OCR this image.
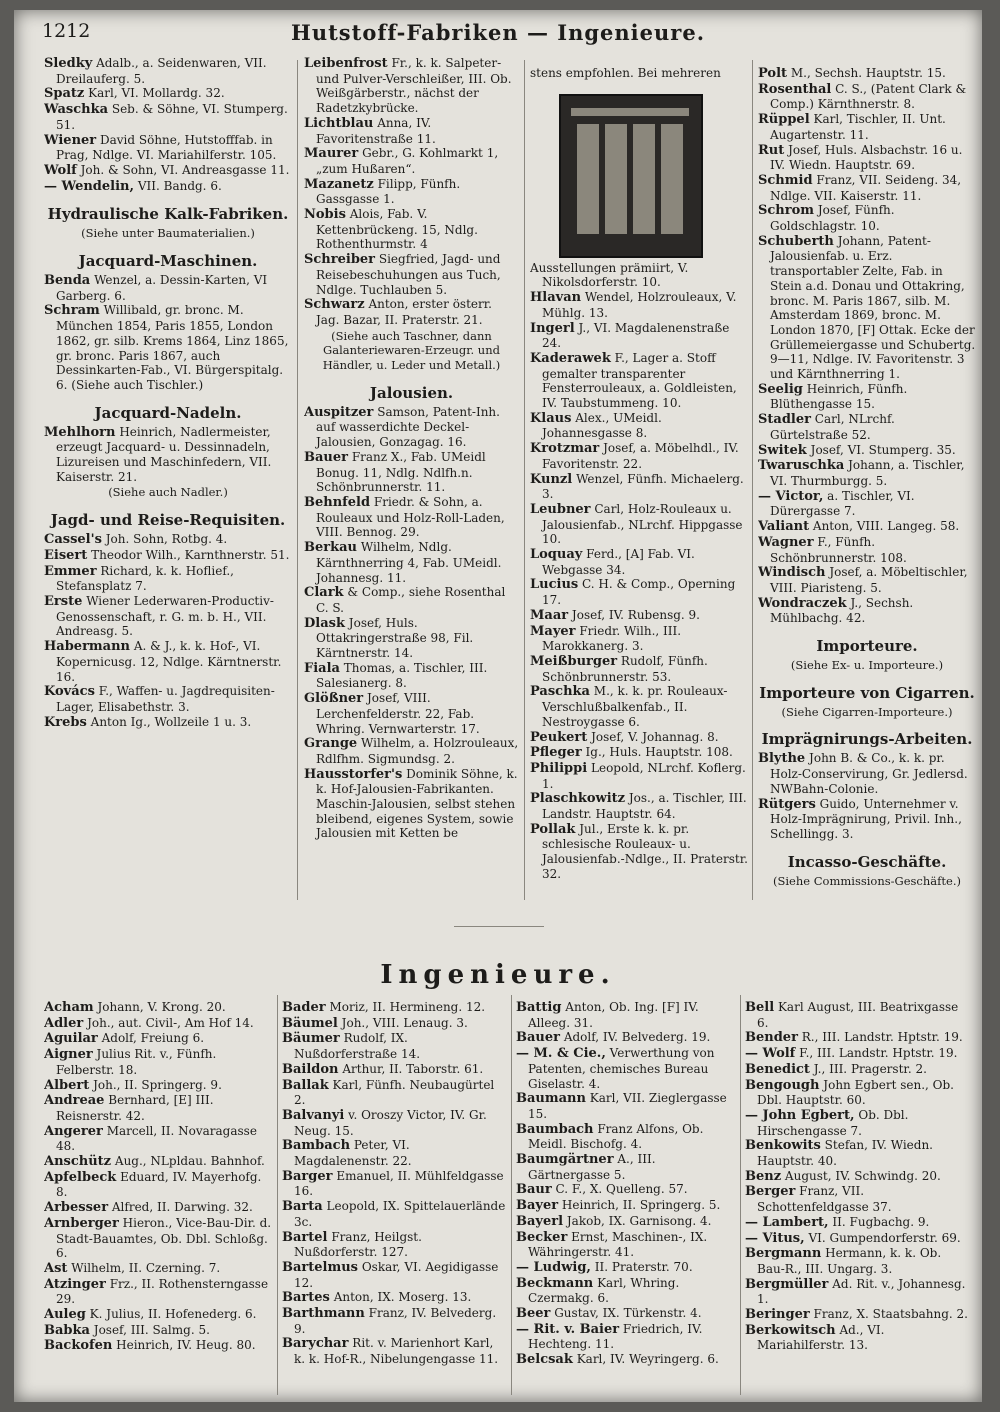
1212	Hutstoff-Fabriken — Ingenieure.
Sledky Adalb., a. Seidenwaren, VII. Dreilauferg. 5.
Spatz Karl, VI. Mollardg. 32.
Waschka Seb. & Söhne, VI. Stumperg. 51.
Wiener David Söhne, Hutstofffab. in Prag, Ndlge. VI. Mariahilferstr. 105.
Wolf Joh. & Sohn, VI. Andreasgasse 11.
— Wendelin, VII. Bandg. 6.
Hydraulische Kalk-Fabriken.
(Siehe unter Baumaterialien.)
Jacquard-Maschinen.
Benda Wenzel, a. Dessin-Karten, VI Garberg. 6.
Schram Willibald, gr. bronc. M. München 1854, Paris 1855, London 1862, gr. silb. Krems 1864, Linz 1865, gr. bronc. Paris 1867, auch Dessinkarten-Fab., VI. Bürgerspitalg. 6. (Siehe auch Tischler.)
Jacquard-Nadeln.
Mehlhorn Heinrich, Nadlermeister, erzeugt Jacquard- u. Dessinnadeln, Lizureisen und Maschinfedern, VII. Kaiserstr. 21.
(Siehe auch Nadler.)
Jagd- und Reise-Requisiten.
Cassel's Joh. Sohn, Rotbg. 4.
Eisert Theodor Wilh., Karnthnerstr. 51.
Emmer Richard, k. k. Hoflief., Stefansplatz 7.
Erste Wiener Lederwaren-Productiv-Genossenschaft, r. G. m. b. H., VII. Andreasg. 5.
Habermann A. & J., k. k. Hof-, VI. Kopernicusg. 12, Ndlge. Kärntnerstr. 16.
Kovács F., Waffen- u. Jagdrequisiten-Lager, Elisabethstr. 3.
Krebs Anton Ig., Wollzeile 1 u. 3.
Leibenfrost Fr., k. k. Salpeter- und Pulver-Verschleißer, III. Ob. Weißgärberstr., nächst der Radetzkybrücke.
Lichtblau Anna, IV. Favoritenstraße 11.
Maurer Gebr., G. Kohlmarkt 1, „zum Hußaren“.
Mazanetz Filipp, Fünfh. Gassgasse 1.
Nobis Alois, Fab. V. Kettenbrückeng. 15, Ndlg. Rothenthurmstr. 4
Schreiber Siegfried, Jagd- und Reisebeschuhungen aus Tuch, Ndlge. Tuchlauben 5.
Schwarz Anton, erster österr. Jag. Bazar, II. Praterstr. 21.
(Siehe auch Taschner, dann Galanteriewaren-Erzeugr. und Händler, u. Leder und Metall.)
Jalousien.
Auspitzer Samson, Patent-Inh. auf wasserdichte Deckel-Jalousien, Gonzagag. 16.
Bauer Franz X., Fab. UMeidl Bonug. 11, Ndlg. Ndlfh.n. Schönbrunnerstr. 11.
Behnfeld Friedr. & Sohn, a. Rouleaux und Holz-Roll-Laden, VIII. Bennog. 29.
Berkau Wilhelm, Ndlg. Kärnthnerring 4, Fab. UMeidl. Johannesg. 11.
Clark & Comp., siehe Rosenthal C. S.
Dlask Josef, Huls. Ottakringerstraße 98, Fil. Kärntnerstr. 14.
Fiala Thomas, a. Tischler, III. Salesianerg. 8.
Glößner Josef, VIII. Lerchenfelderstr. 22, Fab. Whring. Vernwarterstr. 17.
Grange Wilhelm, a. Holzrouleaux, Rdlfhm. Sigmundsg. 2.
Hausstorfer's Dominik Söhne, k. k. Hof-Jalousien-Fabrikanten. Maschin-Jalousien, selbst stehen bleibend, eigenes System, sowie Jalousien mit Ketten be
stens empfohlen. Bei mehreren
Ausstellungen prämiirt, V. Nikolsdorferstr. 10.
Hlavan Wendel, Holzrouleaux, V. Mühlg. 13.
Ingerl J., VI. Magdalenenstraße 24.
Kaderawek F., Lager a. Stoff gemalter transparenter Fensterrouleaux, a. Goldleisten, IV. Taubstummeng. 10.
Klaus Alex., UMeidl. Johannesgasse 8.
Krotzmar Josef, a. Möbelhdl., IV. Favoritenstr. 22.
Kunzl Wenzel, Fünfh. Michaelerg. 3.
Leubner Carl, Holz-Rouleaux u. Jalousienfab., NLrchf. Hippgasse 10.
Loquay Ferd., [A] Fab. VI. Webgasse 34.
Lucius C. H. & Comp., Operning 17.
Maar Josef, IV. Rubensg. 9.
Mayer Friedr. Wilh., III. Marokkanerg. 3.
Meißburger Rudolf, Fünfh. Schönbrunnerstr. 53.
Paschka M., k. k. pr. Rouleaux-Verschlußbalkenfab., II. Nestroygasse 6.
Peukert Josef, V. Johannag. 8.
Pfleger Ig., Huls. Hauptstr. 108.
Philippi Leopold, NLrchf. Koflerg. 1.
Plaschkowitz Jos., a. Tischler, III. Landstr. Hauptstr. 64.
Pollak Jul., Erste k. k. pr. schlesische Rouleaux- u. Jalousienfab.-Ndlge., II. Praterstr. 32.
Polt M., Sechsh. Hauptstr. 15.
Rosenthal C. S., (Patent Clark & Comp.) Kärnthnerstr. 8.
Rüppel Karl, Tischler, II. Unt. Augartenstr. 11.
Rut Josef, Huls. Alsbachstr. 16 u. IV. Wiedn. Hauptstr. 69.
Schmid Franz, VII. Seideng. 34, Ndlge. VII. Kaiserstr. 11.
Schrom Josef, Fünfh. Goldschlagstr. 10.
Schuberth Johann, Patent-Jalousienfab. u. Erz. transportabler Zelte, Fab. in Stein a.d. Donau und Ottakring, bronc. M. Paris 1867, silb. M. Amsterdam 1869, bronc. M. London 1870, [F] Ottak. Ecke der Grüllemeiergasse und Schubertg. 9—11, Ndlge. IV. Favoritenstr. 3 und Kärnthnerring 1.
Seelig Heinrich, Fünfh. Blüthengasse 15.
Stadler Carl, NLrchf. Gürtelstraße 52.
Switek Josef, VI. Stumperg. 35.
Twaruschka Johann, a. Tischler, VI. Thurmburgg. 5.
— Victor, a. Tischler, VI. Dürergasse 7.
Valiant Anton, VIII. Langeg. 58.
Wagner F., Fünfh. Schönbrunnerstr. 108.
Windisch Josef, a. Möbeltischler, VIII. Piaristeng. 5.
Wondraczek J., Sechsh. Mühlbachg. 42.
Importeure.
(Siehe Ex- u. Importeure.)
Importeure von Cigarren.
(Siehe Cigarren-Importeure.)
Imprägnirungs-Arbeiten.
Blythe John B. & Co., k. k. pr. Holz-Conservirung, Gr. Jedlersd. NWBahn-Colonie.
Rütgers Guido, Unternehmer v. Holz-Imprägnirung, Privil. Inh., Schellingg. 3.
Incasso-Geschäfte.
(Siehe Commissions-Geschäfte.)
Ingenieure.
Acham Johann, V. Krong. 20.
Adler Joh., aut. Civil-, Am Hof 14.
Aguilar Adolf, Freiung 6.
Aigner Julius Rit. v., Fünfh. Felberstr. 18.
Albert Joh., II. Springerg. 9.
Andreae Bernhard, [E] III. Reisnerstr. 42.
Angerer Marcell, II. Novaragasse 48.
Anschütz Aug., NLpldau. Bahnhof.
Apfelbeck Eduard, IV. Mayerhofg. 8.
Arbesser Alfred, II. Darwing. 32.
Arnberger Hieron., Vice-Bau-Dir. d. Stadt-Bauamtes, Ob. Dbl. Schloßg. 6.
Ast Wilhelm, II. Czerning. 7.
Atzinger Frz., II. Rothensterngasse 29.
Auleg K. Julius, II. Hofenederg. 6.
Babka Josef, III. Salmg. 5.
Backofen Heinrich, IV. Heug. 80.
Bader Moriz, II. Hermineng. 12.
Bäumel Joh., VIII. Lenaug. 3.
Bäumer Rudolf, IX. Nußdorferstraße 14.
Baildon Arthur, II. Taborstr. 61.
Ballak Karl, Fünfh. Neubaugürtel 2.
Balvanyi v. Oroszy Victor, IV. Gr. Neug. 15.
Bambach Peter, VI. Magdalenenstr. 22.
Barger Emanuel, II. Mühlfeldgasse 16.
Barta Leopold, IX. Spittelauerlände 3c.
Bartel Franz, Heilgst. Nußdorferstr. 127.
Bartelmus Oskar, VI. Aegidigasse 12.
Bartes Anton, IX. Moserg. 13.
Barthmann Franz, IV. Belvederg. 9.
Barychar Rit. v. Marienhort Karl, k. k. Hof-R., Nibelungengasse 11.
Battig Anton, Ob. Ing. [F] IV. Alleeg. 31.
Bauer Adolf, IV. Belvederg. 19.
— M. & Cie., Verwerthung von Patenten, chemisches Bureau Giselastr. 4.
Baumann Karl, VII. Zieglergasse 15.
Baumbach Franz Alfons, Ob. Meidl. Bischofg. 4.
Baumgärtner A., III. Gärtnergasse 5.
Baur C. F., X. Quelleng. 57.
Bayer Heinrich, II. Springerg. 5.
Bayerl Jakob, IX. Garnisong. 4.
Becker Ernst, Maschinen-, IX. Währingerstr. 41.
— Ludwig, II. Praterstr. 70.
Beckmann Karl, Whring. Czermakg. 6.
Beer Gustav, IX. Türkenstr. 4.
— Rit. v. Baier Friedrich, IV. Hechteng. 11.
Belcsak Karl, IV. Weyringerg. 6.
Bell Karl August, III. Beatrixgasse 6.
Bender R., III. Landstr. Hptstr. 19.
— Wolf F., III. Landstr. Hptstr. 19.
Benedict J., III. Pragerstr. 2.
Bengough John Egbert sen., Ob. Dbl. Hauptstr. 60.
— John Egbert, Ob. Dbl. Hirschengasse 7.
Benkowits Stefan, IV. Wiedn. Hauptstr. 40.
Benz August, IV. Schwindg. 20.
Berger Franz, VII. Schottenfeldgasse 37.
— Lambert, II. Fugbachg. 9.
— Vitus, VI. Gumpendorferstr. 69.
Bergmann Hermann, k. k. Ob. Bau-R., III. Ungarg. 3.
Bergmüller Ad. Rit. v., Johannesg. 1.
Beringer Franz, X. Staatsbahng. 2.
Berkowitsch Ad., VI. Mariahilferstr. 13.
